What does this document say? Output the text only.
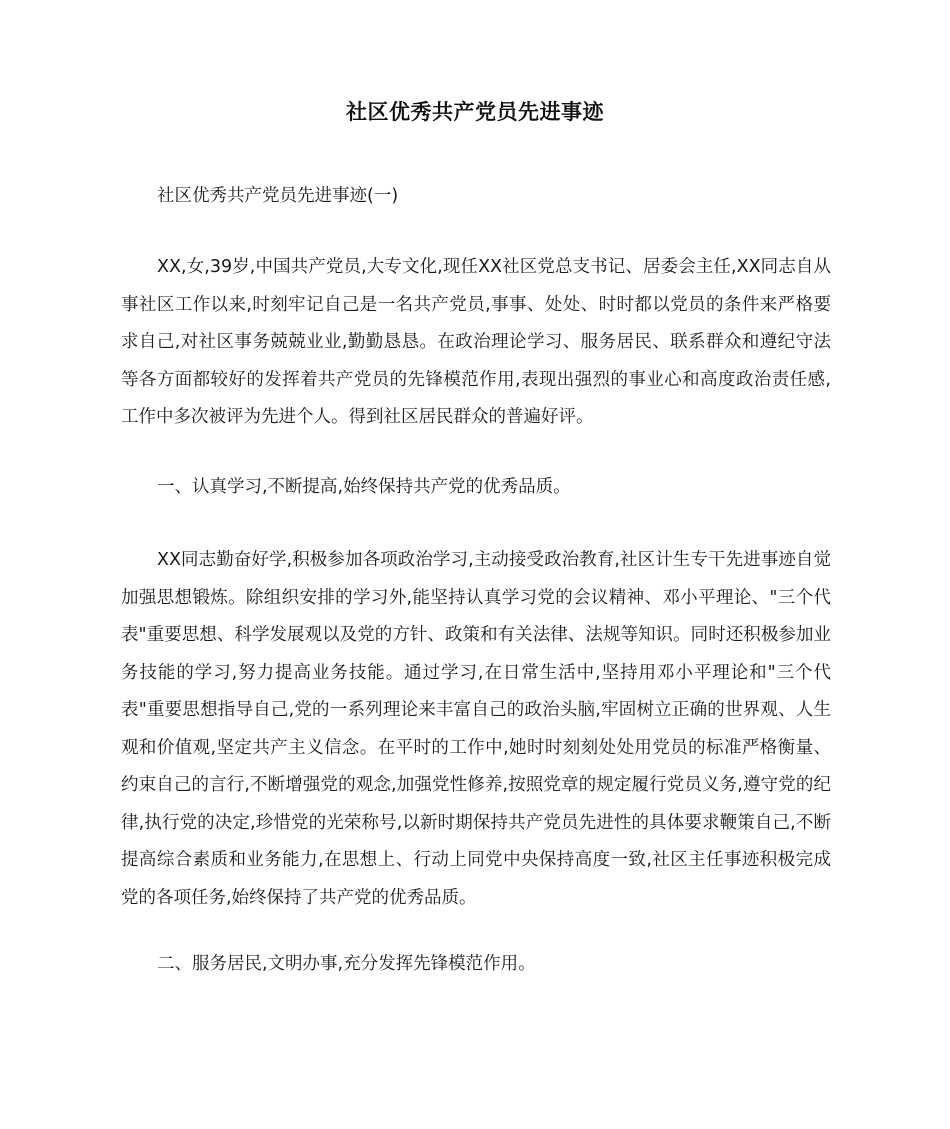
社区优秀共产党员先进事迹

社区优秀共产党员先进事迹(一)

XX,女,39岁,中国共产党员,大专文化,现任XX社区党总支书记、居委会主任,XX同志自从事社区工作以来,时刻牢记自己是一名共产党员,事事、处处、时时都以党员的条件来严格要求自己,对社区事务兢兢业业,勤勤恳恳。在政治理论学习、服务居民、联系群众和遵纪守法等各方面都较好的发挥着共产党员的先锋模范作用,表现出强烈的事业心和高度政治责任感,工作中多次被评为先进个人。得到社区居民群众的普遍好评。

一、认真学习,不断提高,始终保持共产党的优秀品质。

XX同志勤奋好学,积极参加各项政治学习,主动接受政治教育,社区计生专干先进事迹自觉加强思想锻炼。除组织安排的学习外,能坚持认真学习党的会议精神、邓小平理论、"三个代表"重要思想、科学发展观以及党的方针、政策和有关法律、法规等知识。同时还积极参加业务技能的学习,努力提高业务技能。通过学习,在日常生活中,坚持用邓小平理论和"三个代表"重要思想指导自己,党的一系列理论来丰富自己的政治头脑,牢固树立正确的世界观、人生观和价值观,坚定共产主义信念。在平时的工作中,她时时刻刻处处用党员的标准严格衡量、约束自己的言行,不断增强党的观念,加强党性修养,按照党章的规定履行党员义务,遵守党的纪律,执行党的决定,珍惜党的光荣称号,以新时期保持共产党员先进性的具体要求鞭策自己,不断提高综合素质和业务能力,在思想上、行动上同党中央保持高度一致,社区主任事迹积极完成党的各项任务,始终保持了共产党的优秀品质。

二、服务居民,文明办事,充分发挥先锋模范作用。
